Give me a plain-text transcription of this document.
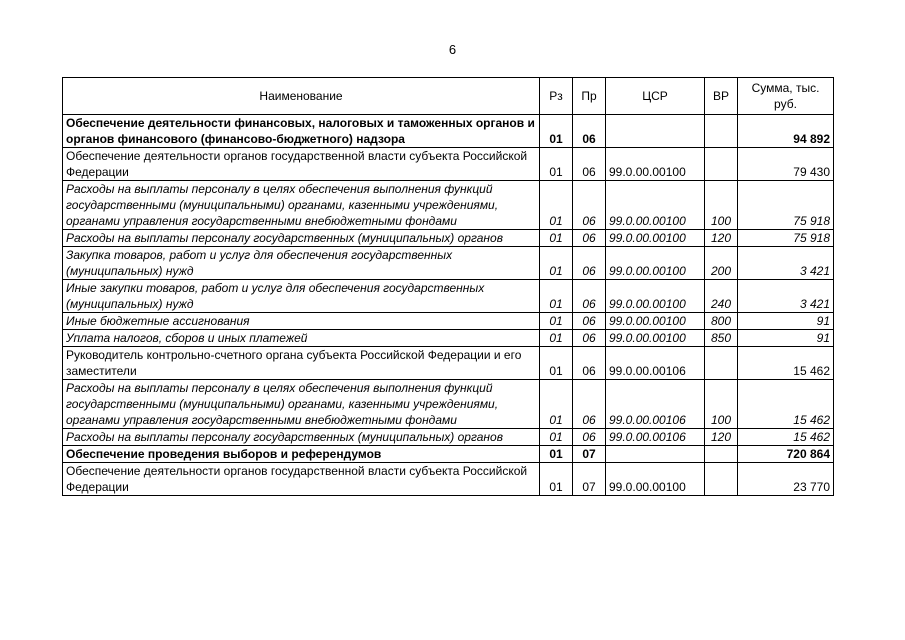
6
Наименование	Рз	Пр	ЦСР	ВР	Сумма, тыс. руб.
Обеспечение деятельности финансовых, налоговых и таможенных органов и органов финансового (финансово-бюджетного) надзора	01	06			94 892
Обеспечение деятельности органов государственной власти субъекта Российской Федерации	01	06	99.0.00.00100		79 430
Расходы на выплаты персоналу в целях обеспечения выполнения функций государственными (муниципальными) органами, казенными учреждениями, органами управления государственными внебюджетными фондами	01	06	99.0.00.00100	100	75 918
Расходы на выплаты персоналу государственных (муниципальных) органов	01	06	99.0.00.00100	120	75 918
Закупка товаров, работ и услуг для обеспечения государственных (муниципальных) нужд	01	06	99.0.00.00100	200	3 421
Иные закупки товаров, работ и услуг для обеспечения государственных (муниципальных) нужд	01	06	99.0.00.00100	240	3 421
Иные бюджетные ассигнования	01	06	99.0.00.00100	800	91
Уплата налогов, сборов и иных платежей	01	06	99.0.00.00100	850	91
Руководитель контрольно-счетного органа субъекта Российской Федерации и его заместители	01	06	99.0.00.00106		15 462
Расходы на выплаты персоналу в целях обеспечения выполнения функций государственными (муниципальными) органами, казенными учреждениями, органами управления государственными внебюджетными фондами	01	06	99.0.00.00106	100	15 462
Расходы на выплаты персоналу государственных (муниципальных) органов	01	06	99.0.00.00106	120	15 462
Обеспечение проведения выборов и референдумов	01	07			720 864
Обеспечение деятельности органов государственной власти субъекта Российской Федерации	01	07	99.0.00.00100		23 770
